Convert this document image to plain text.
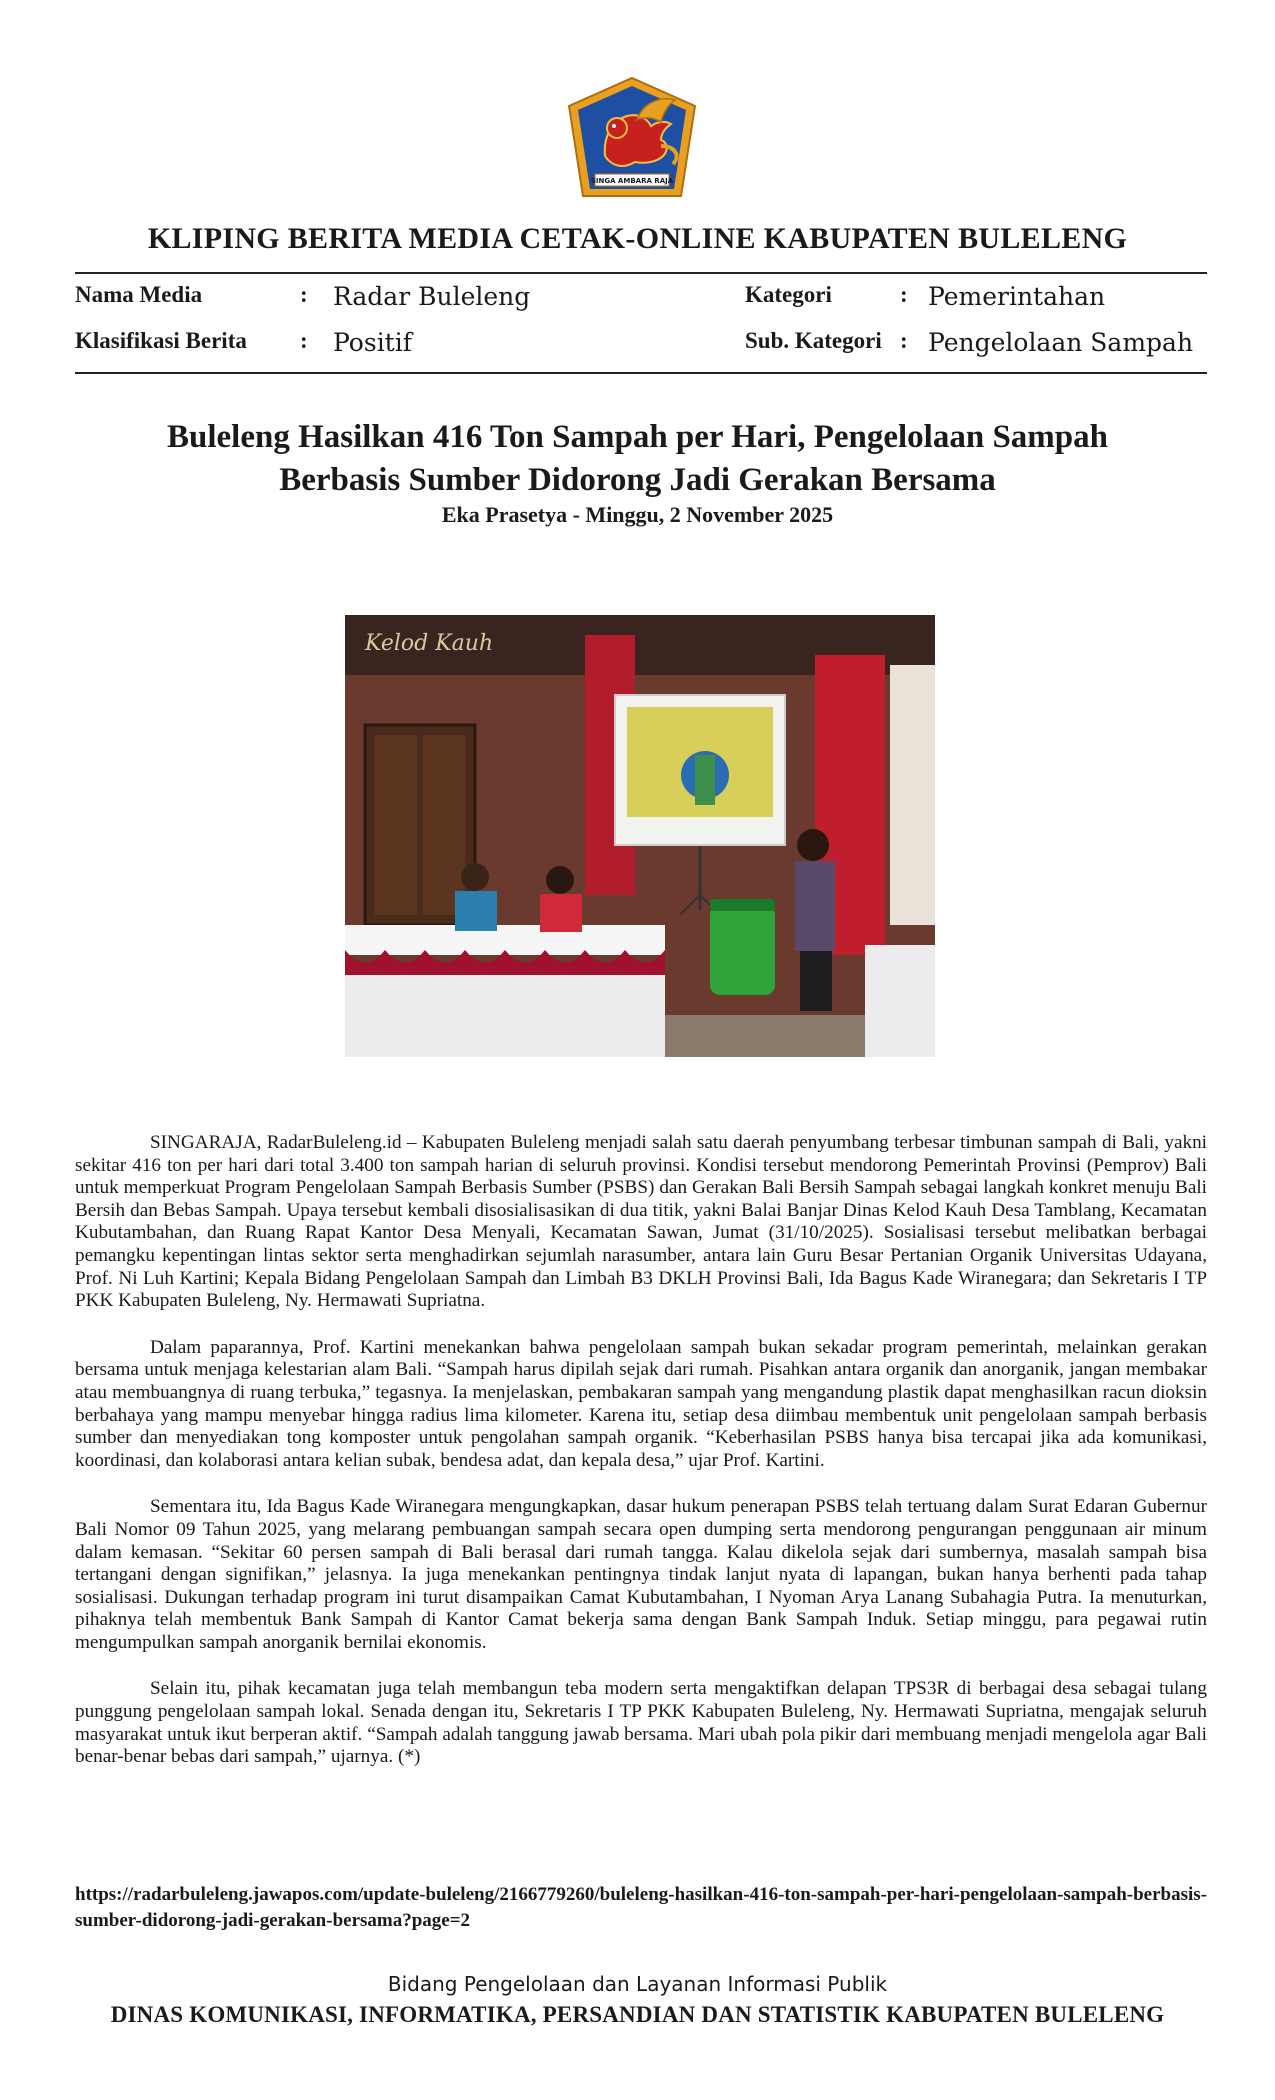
SINGA AMBARA RAJA
KLIPING BERITA MEDIA CETAK-ONLINE KABUPATEN BULELENG
Nama Media	: Radar Buleleng
Klasifikasi Berita : Positif
Kategori	: Pemerintahan
Sub. Kategori : Pengelolaan Sampah
Buleleng Hasilkan 416 Ton Sampah per Hari, Pengelolaan Sampah
Berbasis Sumber Didorong Jadi Gerakan Bersama
Eka Prasetya - Minggu, 2 November 2025
Kelod Kauh

SINGARAJA, RadarBuleleng.id – Kabupaten Buleleng menjadi salah satu daerah penyumbang terbesar timbunan sampah di Bali, yakni sekitar 416 ton per hari dari total 3.400 ton sampah harian di seluruh provinsi. Kondisi tersebut mendorong Pemerintah Provinsi (Pemprov) Bali untuk memperkuat Program Pengelolaan Sampah Berbasis Sumber (PSBS) dan Gerakan Bali Bersih Sampah sebagai langkah konkret menuju Bali Bersih dan Bebas Sampah. Upaya tersebut kembali disosialisasikan di dua titik, yakni Balai Banjar Dinas Kelod Kauh Desa Tamblang, Kecamatan Kubutambahan, dan Ruang Rapat Kantor Desa Menyali, Kecamatan Sawan, Jumat (31/10/2025). Sosialisasi tersebut melibatkan berbagai pemangku kepentingan lintas sektor serta menghadirkan sejumlah narasumber, antara lain Guru Besar Pertanian Organik Universitas Udayana, Prof. Ni Luh Kartini; Kepala Bidang Pengelolaan Sampah dan Limbah B3 DKLH Provinsi Bali, Ida Bagus Kade Wiranegara; dan Sekretaris I TP PKK Kabupaten Buleleng, Ny. Hermawati Supriatna.

Dalam paparannya, Prof. Kartini menekankan bahwa pengelolaan sampah bukan sekadar program pemerintah, melainkan gerakan bersama untuk menjaga kelestarian alam Bali. “Sampah harus dipilah sejak dari rumah. Pisahkan antara organik dan anorganik, jangan membakar atau membuangnya di ruang terbuka,” tegasnya. Ia menjelaskan, pembakaran sampah yang mengandung plastik dapat menghasilkan racun dioksin berbahaya yang mampu menyebar hingga radius lima kilometer. Karena itu, setiap desa diimbau membentuk unit pengelolaan sampah berbasis sumber dan menyediakan tong komposter untuk pengolahan sampah organik. “Keberhasilan PSBS hanya bisa tercapai jika ada komunikasi, koordinasi, dan kolaborasi antara kelian subak, bendesa adat, dan kepala desa,” ujar Prof. Kartini.

Sementara itu, Ida Bagus Kade Wiranegara mengungkapkan, dasar hukum penerapan PSBS telah tertuang dalam Surat Edaran Gubernur Bali Nomor 09 Tahun 2025, yang melarang pembuangan sampah secara open dumping serta mendorong pengurangan penggunaan air minum dalam kemasan. “Sekitar 60 persen sampah di Bali berasal dari rumah tangga. Kalau dikelola sejak dari sumbernya, masalah sampah bisa tertangani dengan signifikan,” jelasnya. Ia juga menekankan pentingnya tindak lanjut nyata di lapangan, bukan hanya berhenti pada tahap sosialisasi. Dukungan terhadap program ini turut disampaikan Camat Kubutambahan, I Nyoman Arya Lanang Subahagia Putra. Ia menuturkan, pihaknya telah membentuk Bank Sampah di Kantor Camat bekerja sama dengan Bank Sampah Induk. Setiap minggu, para pegawai rutin mengumpulkan sampah anorganik bernilai ekonomis.

Selain itu, pihak kecamatan juga telah membangun teba modern serta mengaktifkan delapan TPS3R di berbagai desa sebagai tulang punggung pengelolaan sampah lokal. Senada dengan itu, Sekretaris I TP PKK Kabupaten Buleleng, Ny. Hermawati Supriatna, mengajak seluruh masyarakat untuk ikut berperan aktif. “Sampah adalah tanggung jawab bersama. Mari ubah pola pikir dari membuang menjadi mengelola agar Bali benar-benar bebas dari sampah,” ujarnya. (*)

https://radarbuleleng.jawapos.com/update-buleleng/2166779260/buleleng-hasilkan-416-ton-sampah-per-hari-pengelolaan-sampah-berbasis-sumber-didorong-jadi-gerakan-bersama?page=2
Bidang Pengelolaan dan Layanan Informasi Publik
DINAS KOMUNIKASI, INFORMATIKA, PERSANDIAN DAN STATISTIK KABUPATEN BULELENG
